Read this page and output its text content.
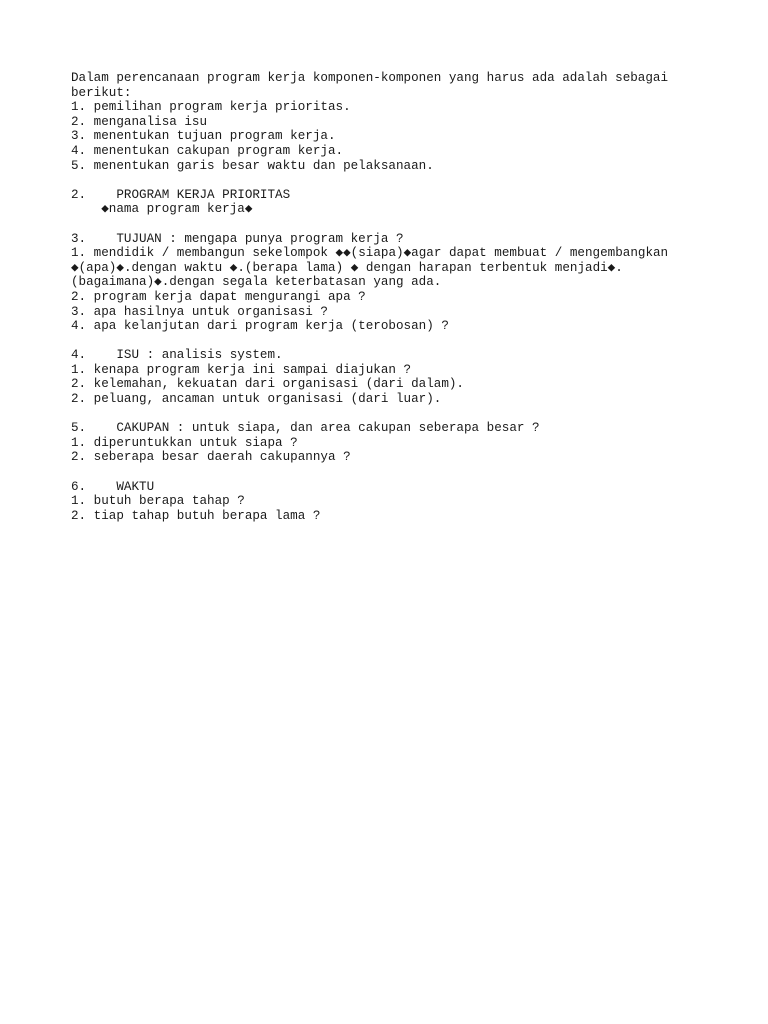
Dalam perencanaan program kerja komponen-komponen yang harus ada adalah sebagai
berikut:
1. pemilihan program kerja prioritas.
2. menganalisa isu
3. menentukan tujuan program kerja.
4. menentukan cakupan program kerja.
5. menentukan garis besar waktu dan pelaksanaan.
2.    PROGRAM KERJA PRIORITAS
◆nama program kerja◆
3.    TUJUAN : mengapa punya program kerja ?
1. mendidik / membangun sekelompok ◆◆(siapa)◆agar dapat membuat / mengembangkan
◆(apa)◆.dengan waktu ◆.(berapa lama) ◆ dengan harapan terbentuk menjadi◆.
(bagaimana)◆.dengan segala keterbatasan yang ada.
2. program kerja dapat mengurangi apa ?
3. apa hasilnya untuk organisasi ?
4. apa kelanjutan dari program kerja (terobosan) ?
4.    ISU : analisis system.
1. kenapa program kerja ini sampai diajukan ?
2. kelemahan, kekuatan dari organisasi (dari dalam).
2. peluang, ancaman untuk organisasi (dari luar).
5.    CAKUPAN : untuk siapa, dan area cakupan seberapa besar ?
1. diperuntukkan untuk siapa ?
2. seberapa besar daerah cakupannya ?
6.    WAKTU
1. butuh berapa tahap ?
2. tiap tahap butuh berapa lama ?
